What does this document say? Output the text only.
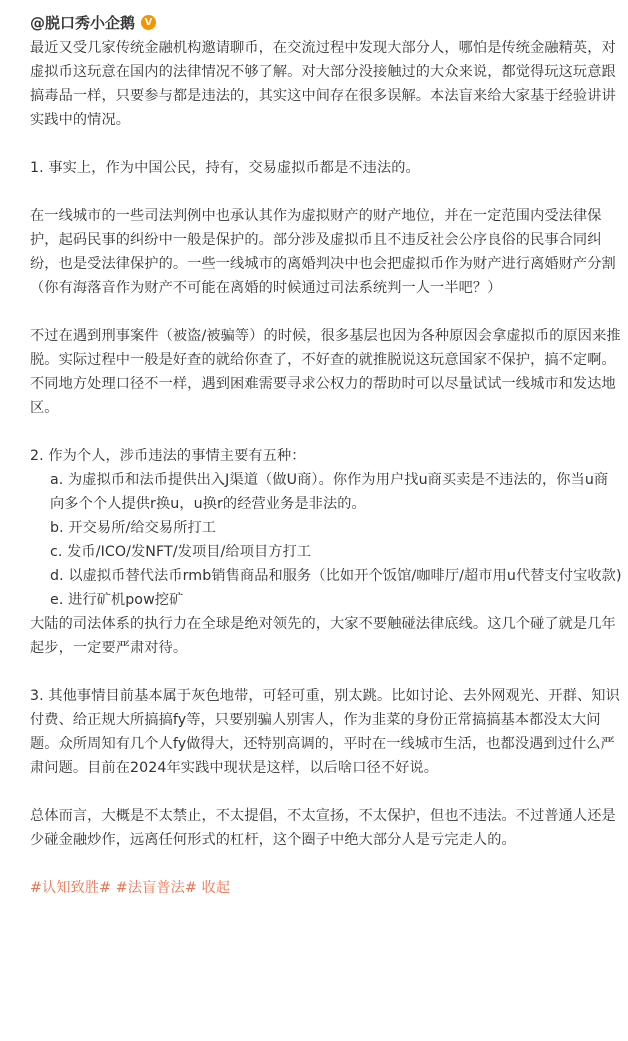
@脱口秀小企鹅 V

最近又受几家传统金融机构邀请聊币，在交流过程中发现大部分人，哪怕是传统金融精英，对虚拟币这玩意在国内的法律情况不够了解。对大部分没接触过的大众来说，都觉得玩这玩意跟搞毒品一样，只要参与都是违法的，其实这中间存在很多误解。本法盲来给大家基于经验讲讲实践中的情况。

1. 事实上，作为中国公民，持有，交易虚拟币都是不违法的。

在一线城市的一些司法判例中也承认其作为虚拟财产的财产地位，并在一定范围内受法律保护，起码民事的纠纷中一般是保护的。部分涉及虚拟币且不违反社会公序良俗的民事合同纠纷，也是受法律保护的。一些一线城市的离婚判决中也会把虚拟币作为财产进行离婚财产分割（你有海落音作为财产不可能在离婚的时候通过司法系统判一人一半吧？）

不过在遇到刑事案件（被盗/被骗等）的时候，很多基层也因为各种原因会拿虚拟币的原因来推脱。实际过程中一般是好查的就给你查了，不好查的就推脱说这玩意国家不保护，搞不定啊。不同地方处理口径不一样，遇到困难需要寻求公权力的帮助时可以尽量试试一线城市和发达地区。

2. 作为个人，涉币违法的事情主要有五种：

a. 为虚拟币和法币提供出入J渠道（做U商）。你作为用户找u商买卖是不违法的，你当u商向多个个人提供r换u，u换r的经营业务是非法的。

b. 开交易所/给交易所打工

c. 发币/ICO/发NFT/发项目/给项目方打工

d. 以虚拟币替代法币rmb销售商品和服务（比如开个饭馆/咖啡厅/超市用u代替支付宝收款)

e. 进行矿机pow挖矿

大陆的司法体系的执行力在全球是绝对领先的，大家不要触碰法律底线。这几个碰了就是几年起步，一定要严肃对待。

3. 其他事情目前基本属于灰色地带，可轻可重，别太跳。比如讨论、去外网观光、开群、知识付费、给正规大所搞搞fy等，只要别骗人别害人，作为韭菜的身份正常搞搞基本都没太大问题。众所周知有几个人fy做得大，还特别高调的，平时在一线城市生活，也都没遇到过什么严肃问题。目前在2024年实践中现状是这样，以后啥口径不好说。

总体而言，大概是不太禁止，不太提倡，不太宣扬，不太保护，但也不违法。不过普通人还是少碰金融炒作，远离任何形式的杠杆，这个圈子中绝大部分人是亏完走人的。

#认知致胜# #法盲普法# 收起
